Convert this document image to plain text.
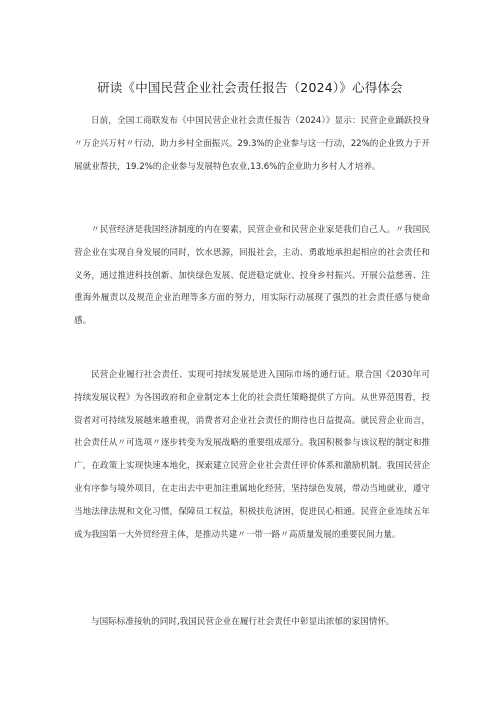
研读《中国民营企业社会责任报告（2024）》心得体会

日前，全国工商联发布《中国民营企业社会责任报告（2024）》显示：民营企业踊跃投身〃万企兴万村〃行动，助力乡村全面振兴。29.3%的企业参与这一行动，22%的企业致力于开展就业帮扶，19.2%的企业参与发展特色农业,13.6%的企业助力乡村人才培养。

〃民营经济是我国经济制度的内在要素，民营企业和民营企业家是我们自己人。〃我国民营企业在实现自身发展的同时，饮水思源，回报社会，主动、勇敢地承担起相应的社会责任和义务，通过推进科技创新、加快绿色发展、促进稳定就业、投身乡村振兴、开展公益慈善、注重海外履责以及规范企业治理等多方面的努力，用实际行动展现了强烈的社会责任感与使命感。

民营企业履行社会责任、实现可持续发展是进入国际市场的通行证。联合国《2030年可持续发展议程》为各国政府和企业制定本土化的社会责任策略提供了方向。从世界范围看，投资者对可持续发展越来越重视，消费者对企业社会责任的期待也日益提高。就民营企业而言，社会责任从〃可选项〃逐步转变为发展战略的重要组成部分。我国积极参与该议程的制定和推广，在政策上实现快速本地化，探索建立民营企业社会责任评价体系和激励机制。我国民营企业有序参与境外项目，在走出去中更加注重属地化经营，坚持绿色发展，带动当地就业，遵守当地法律法规和文化习惯，保障员工权益，积极扶危济困，促进民心相通。民营企业连续五年成为我国第一大外贸经营主体，是推动共建〃一带一路〃高质量发展的重要民间力量。

与国际标准接轨的同时,我国民营企业在履行社会责任中彰显出浓郁的家国情怀。
